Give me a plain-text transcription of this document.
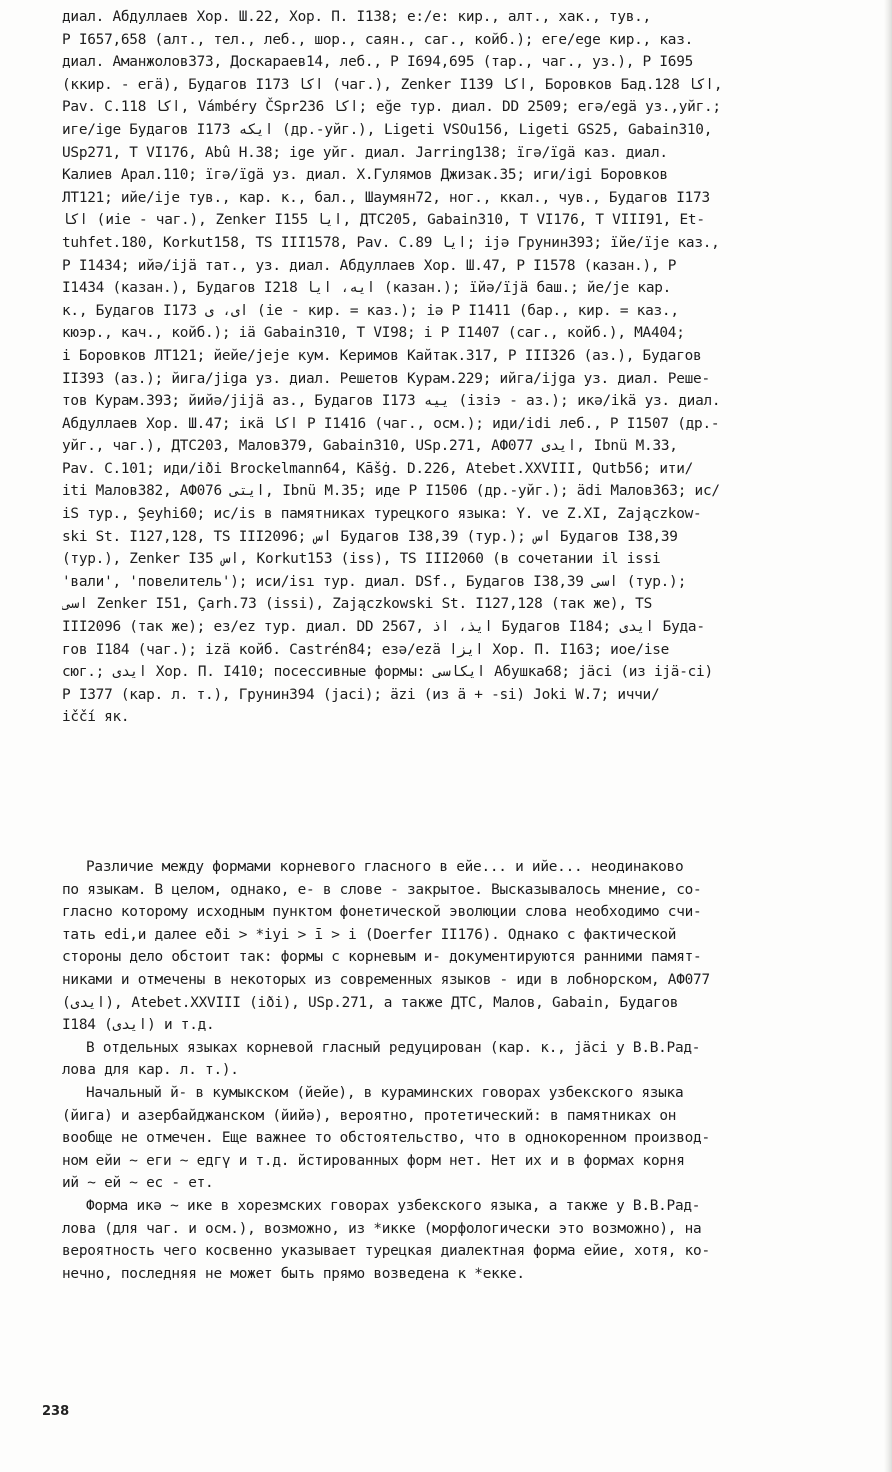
диал. Абдуллаев Хор. Ш.22, Хор. П. I138; e:/e: кир., алт., хак., тув.,

Р I657,658 (алт., тел., леб., шор., саян., саг., койб.); еге/ege кир., каз.

диал. Аманжолов373, Доскараев14, леб., Р I694,695 (тар., чаг., уз.), Р I695

(ккир. - егä), Будагов I173 اكا (чаг.), Zenker I139 اكا, Боровков Бад.128 اكا,

Pav. C.118 اكا, Vámbéry ČSpr236 اكا; eğe тур. диал. DD 2509; егә/egä уз.,уйг.;

иге/ige Будагов I173 ايكه (др.-уйг.), Ligeti VSOu156, Ligeti GS25, Gabain310,

USp271, T VI176, Abû H.38; ige уйг. диал. Jarring138; їгә/ïgä каз. диал.

Калиев Арал.110; їгә/ïgä уз. диал. Х.Гулямов Джизак.35; иги/igi Боровков

ЛТ121; ийе/ije тув., кар. к., бал., Шаумян72, ног., ккал., чув., Будагов I173

اكا (иіе - чаг.), Zenker I155 ايا, ДТС205, Gabain310, T VI176, T VIII91, Et-

tuhfet.180, Korkut158, TS III1578, Pav. C.89 ايا; ijә Грунин393; їйе/ïje каз.,

Р I1434; ийә/ijä тат., уз. диал. Абдуллаев Хор. Ш.47, Р I1578 (казан.), Р

I1434 (казан.), Будагов I218 ايه، ايا (казан.); їйә/ïjä баш.; йе/je кар.

к., Будагов I173 اى، ى (іе - кир. = каз.); іә Р I1411 (бар., кир. = каз.,

кюэр., кач., койб.); іä Gabain310, T VI98; і Р I1407 (саг., койб.), МА404;

і Боровков ЛТ121; йейе/jeje кум. Керимов Кайтак.317, Р III326 (аз.), Будагов

II393 (аз.); йига/jiga уз. диал. Решетов Курам.229; ийга/ijga уз. диал. Реше-

тов Курам.393; йийә/jijä аз., Будагов I173 ييه (ізіэ - аз.); икә/ikä уз. диал.

Абдуллаев Хор. Ш.47; ікä اكا Р I1416 (чаг., осм.); иди/idi леб., Р I1507 (др.-

уйг., чаг.), ДТС203, Малов379, Gabain310, USp.271, АФ077 ايدى, Ibnü M.33,

Pav. C.101; иди/iði Brockelmann64, Kāšġ. D.226, Atebet.XXVIII, Qutb56; ити/

iti Малов382, АФ076 ايتى, Ibnü M.35; иде Р I1506 (др.-уйг.); ädi Малов363; ис/

iS тур., Şeyhi60; ис/is в памятниках турецкого языка: Y. ve Z.XI, Zajączkow-

ski St. I127,128, TS III2096; اس Будагов I38,39 (тур.); اس Будагов I38,39

(тур.), Zenker I35 اس, Korkut153 (iss), TS III2060 (в сочетании il issi

'вали', 'повелитель'); иси/isı тур. диал. DSf., Будагов I38,39 اسى (тур.);

اسى Zenker I51, Çarh.73 (issi), Zajączkowski St. I127,128 (так же), TS

III2096 (так же); ез/ez тур. диал. DD 2567, ايذ، اذ Будагов I184; ايدى Буда-

гов I184 (чаг.); izä койб. Castrén84; езә/ezä ايزا Хор. П. I163; иое/ise

сюг.; ايدى Хор. П. I410; посессивные формы: ايكاسى Абушка68; jäci (из ijä-ci)

Р I377 (кар. л. т.), Грунин394 (jaci); äzi (из ä + -si) Joki W.7; иччи/

iččí як.

Различие между формами корневого гласного в ейе... и ийе... неодинаково

по языкам. В целом, однако, е- в слове - закрытое. Высказывалось мнение, со-

гласно которому исходным пунктом фонетической эволюции слова необходимо счи-

тать edi,и далее eði > *iyi > ī > i (Doerfer II176). Однако с фактической

стороны дело обстоит так: формы с корневым и- документируются ранними памят-

никами и отмечены в некоторых из современных языков - иди в лобнорском, АФ077

(ايدى), Atebet.XXVIII (iði), USp.271, а также ДТС, Малов, Gabain, Будагов

I184 (ايدى) и т.д.

В отдельных языках корневой гласный редуцирован (кар. к., jäci у В.В.Рад-

лова для кар. л. т.).

Начальный й- в кумыкском (йейе), в кураминских говорах узбекского языка

(йига) и азербайджанском (йийә), вероятно, протетический: в памятниках он

вообще не отмечен. Еще важнее то обстоятельство, что в однокоренном производ-

ном ейи ~ еги ~ едгү и т.д. йстированных форм нет. Нет их и в формах корня

ий ~ ей ~ ес - ет.

Форма икә ~ ике в хорезмских говорах узбекского языка, а также у В.В.Рад-

лова (для чаг. и осм.), возможно, из *икке (морфологически это возможно), на

вероятность чего косвенно указывает турецкая диалектная форма ейие, хотя, ко-

нечно, последняя не может быть прямо возведена к *екке.

238
